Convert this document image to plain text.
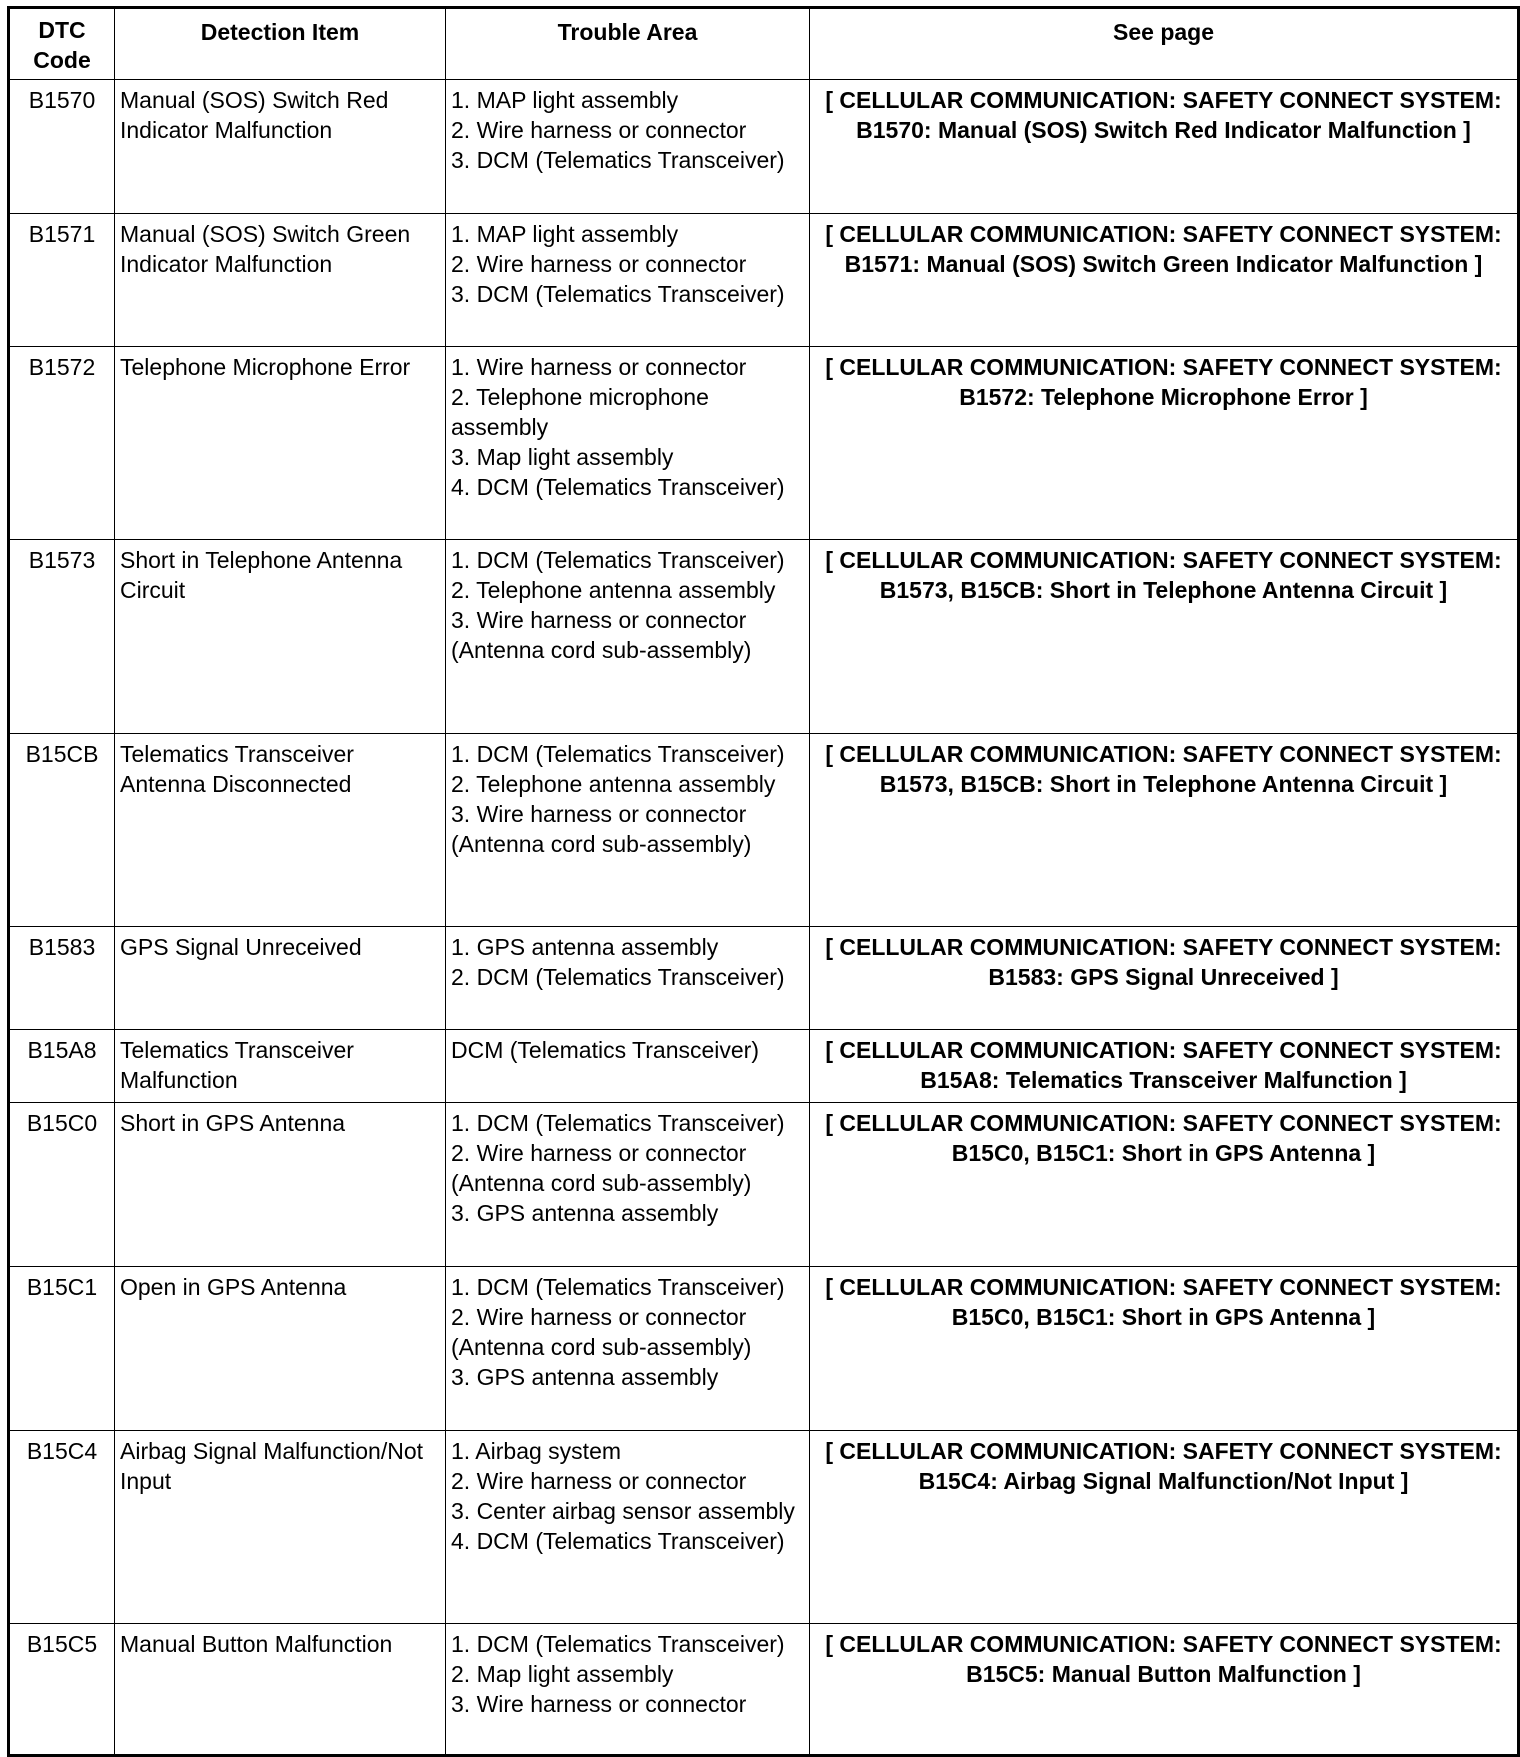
DTC Code	Detection Item	Trouble Area	See page
B1570	Manual (SOS) Switch Red Indicator Malfunction	1. MAP light assembly
2. Wire harness or connector
3. DCM (Telematics Transceiver)	[ CELLULAR COMMUNICATION: SAFETY CONNECT SYSTEM: B1570: Manual (SOS) Switch Red Indicator Malfunction ]
B1571	Manual (SOS) Switch Green Indicator Malfunction	1. MAP light assembly
2. Wire harness or connector
3. DCM (Telematics Transceiver)	[ CELLULAR COMMUNICATION: SAFETY CONNECT SYSTEM: B1571: Manual (SOS) Switch Green Indicator Malfunction ]
B1572	Telephone Microphone Error	1. Wire harness or connector
2. Telephone microphone assembly
3. Map light assembly
4. DCM (Telematics Transceiver)	[ CELLULAR COMMUNICATION: SAFETY CONNECT SYSTEM: B1572: Telephone Microphone Error ]
B1573	Short in Telephone Antenna Circuit	1. DCM (Telematics Transceiver)
2. Telephone antenna assembly
3. Wire harness or connector (Antenna cord sub-assembly)	[ CELLULAR COMMUNICATION: SAFETY CONNECT SYSTEM: B1573, B15CB: Short in Telephone Antenna Circuit ]
B15CB	Telematics Transceiver Antenna Disconnected	1. DCM (Telematics Transceiver)
2. Telephone antenna assembly
3. Wire harness or connector (Antenna cord sub-assembly)	[ CELLULAR COMMUNICATION: SAFETY CONNECT SYSTEM: B1573, B15CB: Short in Telephone Antenna Circuit ]
B1583	GPS Signal Unreceived	1. GPS antenna assembly
2. DCM (Telematics Transceiver)	[ CELLULAR COMMUNICATION: SAFETY CONNECT SYSTEM: B1583: GPS Signal Unreceived ]
B15A8	Telematics Transceiver Malfunction	DCM (Telematics Transceiver)	[ CELLULAR COMMUNICATION: SAFETY CONNECT SYSTEM: B15A8: Telematics Transceiver Malfunction ]
B15C0	Short in GPS Antenna	1. DCM (Telematics Transceiver)
2. Wire harness or connector (Antenna cord sub-assembly)
3. GPS antenna assembly	[ CELLULAR COMMUNICATION: SAFETY CONNECT SYSTEM: B15C0, B15C1: Short in GPS Antenna ]
B15C1	Open in GPS Antenna	1. DCM (Telematics Transceiver)
2. Wire harness or connector (Antenna cord sub-assembly)
3. GPS antenna assembly	[ CELLULAR COMMUNICATION: SAFETY CONNECT SYSTEM: B15C0, B15C1: Short in GPS Antenna ]
B15C4	Airbag Signal Malfunction/Not Input	1. Airbag system
2. Wire harness or connector
3. Center airbag sensor assembly
4. DCM (Telematics Transceiver)	[ CELLULAR COMMUNICATION: SAFETY CONNECT SYSTEM: B15C4: Airbag Signal Malfunction/Not Input ]
B15C5	Manual Button Malfunction	1. DCM (Telematics Transceiver)
2. Map light assembly
3. Wire harness or connector	[ CELLULAR COMMUNICATION: SAFETY CONNECT SYSTEM: B15C5: Manual Button Malfunction ]
